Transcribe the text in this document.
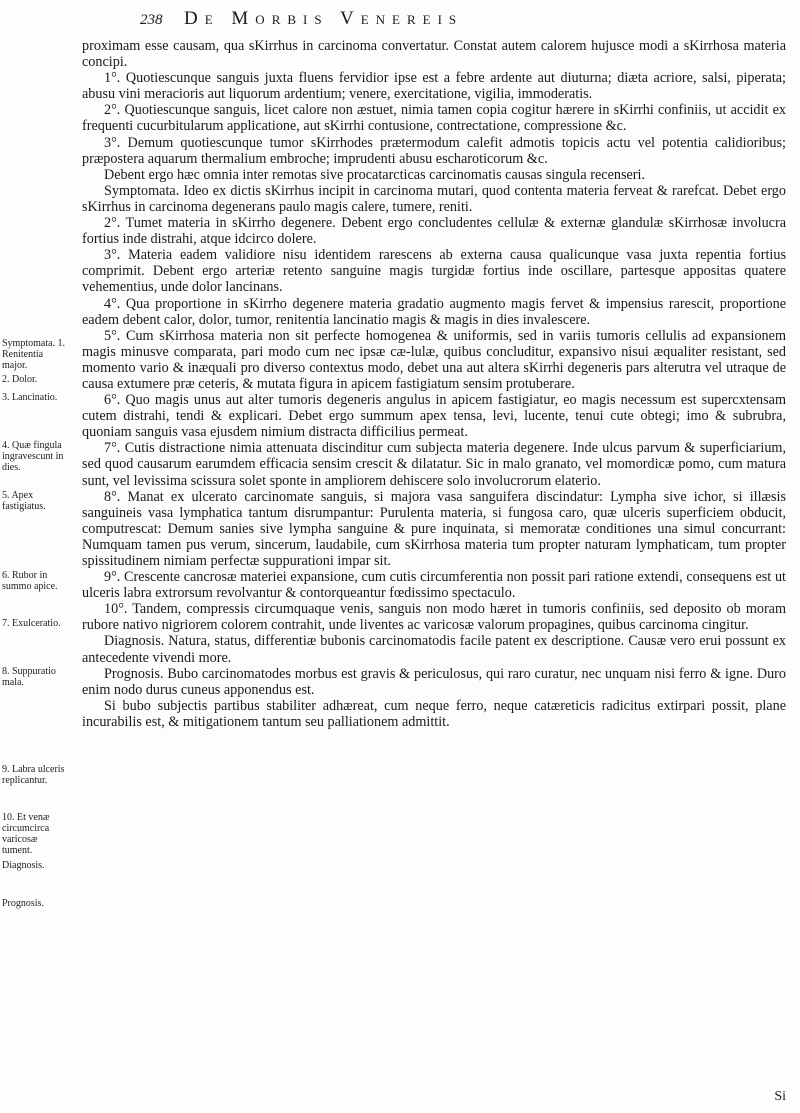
238 De Morbis Venereis
Symptomata. 1. Renitentia major.
2. Dolor.
3. Lancinatio.
4. Quæ fingula ingravescunt in dies.
5. Apex fastigiatus.
6. Rubor in summo apice.
7. Exulceratio.
8. Suppuratio mala.
9. Labra ulceris replicantur.
10. Et venæ circumcirca varicosæ tument.
Diagnosis.
Prognosis.

proximam esse causam, qua sKirrhus in carcinoma convertatur. Constat autem calorem hujusce modi a sKirrhosa materia concipi.

1°. Quotiescunque sanguis juxta fluens fervidior ipse est a febre ardente aut diuturna; diæta acriore, salsi, piperata; abusu vini meracioris aut liquorum ardentium; venere, exercitatione, vigilia, immoderatis.

2°. Quotiescunque sanguis, licet calore non æstuet, nimia tamen copia cogitur hærere in sKirrhi confiniis, ut accidit ex frequenti cucurbitularum applicatione, aut sKirrhi contusione, contrectatione, compressione &c.

3°. Demum quotiescunque tumor sKirrhodes prætermodum calefit admotis topicis actu vel potentia calidioribus; præpostera aquarum thermalium embroche; imprudenti abusu escharoticorum &c.

Debent ergo hæc omnia inter remotas sive procatarcticas carcinomatis causas singula recenseri.

Symptomata. Ideo ex dictis sKirrhus incipit in carcinoma mutari, quod contenta materia ferveat & rarefcat. Debet ergo sKirrhus in carcinoma degenerans paulo magis calere, tumere, reniti.

2°. Tumet materia in sKirrho degenere. Debent ergo concludentes cellulæ & externæ glandulæ sKirrhosæ involucra fortius inde distrahi, atque idcirco dolere.

3°. Materia eadem validiore nisu identidem rarescens ab externa causa qualicunque vasa juxta repentia fortius comprimit. Debent ergo arteriæ retento sanguine magis turgidæ fortius inde oscillare, partesque appositas quatere vehementius, unde dolor lancinans.

4°. Qua proportione in sKirrho degenere materia gradatio augmento magis fervet & impensius rarescit, proportione eadem debent calor, dolor, tumor, renitentia lancinatio magis & magis in dies invalescere.

5°. Cum sKirrhosa materia non sit perfecte homogenea & uniformis, sed in variis tumoris cellulis ad expansionem magis minusve comparata, pari modo cum nec ipsæ cæ-lulæ, quibus concluditur, expansivo nisui æqualiter resistant, sed momento vario & inæquali pro diverso contextus modo, debet una aut altera sKirrhi degeneris pars alterutra vel utraque de causa extumere præ ceteris, & mutata figura in apicem fastigiatum sensim protuberare.

6°. Quo magis unus aut alter tumoris degeneris angulus in apicem fastigiatur, eo magis necessum est supercxtensam cutem distrahi, tendi & explicari. Debet ergo summum apex tensa, levi, lucente, tenui cute obtegi; imo & subrubra, quoniam sanguis vasa ejusdem nimium distracta difficilius permeat.

7°. Cutis distractione nimia attenuata discinditur cum subjecta materia degenere. Inde ulcus parvum & superficiarium, sed quod causarum earumdem efficacia sensim crescit & dilatatur. Sic in malo granato, vel momordicæ pomo, cum matura sunt, vel levissima scissura solet sponte in ampliorem dehiscere solo involucrorum elaterio.

8°. Manat ex ulcerato carcinomate sanguis, si majora vasa sanguifera discindatur: Lympha sive ichor, si illæsis sanguineis vasa lymphatica tantum disrumpantur: Purulenta materia, si fungosa caro, quæ ulceris superficiem obducit, computrescat: Demum sanies sive lympha sanguine & pure inquinata, si memoratæ conditiones una simul concurrant: Numquam tamen pus verum, sincerum, laudabile, cum sKirrhosa materia tum propter naturam lymphaticam, tum propter spissitudinem nimiam perfectæ suppurationi impar sit.

9°. Crescente cancrosæ materiei expansione, cum cutis circumferentia non possit pari ratione extendi, consequens est ut ulceris labra extrorsum revolvantur & contorqueantur fœdissimo spectaculo.

10°. Tandem, compressis circumquaque venis, sanguis non modo hæret in tumoris confiniis, sed deposito ob moram rubore nativo nigriorem colorem contrahit, unde liventes ac varicosæ valorum propagines, quibus carcinoma cingitur.

Diagnosis. Natura, status, differentiæ bubonis carcinomatodis facile patent ex descriptione. Causæ vero erui possunt ex antecedente vivendi more.

Prognosis. Bubo carcinomatodes morbus est gravis & periculosus, qui raro curatur, nec unquam nisi ferro & igne. Duro enim nodo durus cuneus apponendus est.

Si bubo subjectis partibus stabiliter adhæreat, cum neque ferro, neque catæreticis radicitus extirpari possit, plane incurabilis est, & mitigationem tantum seu palliationem admittit.

Si
